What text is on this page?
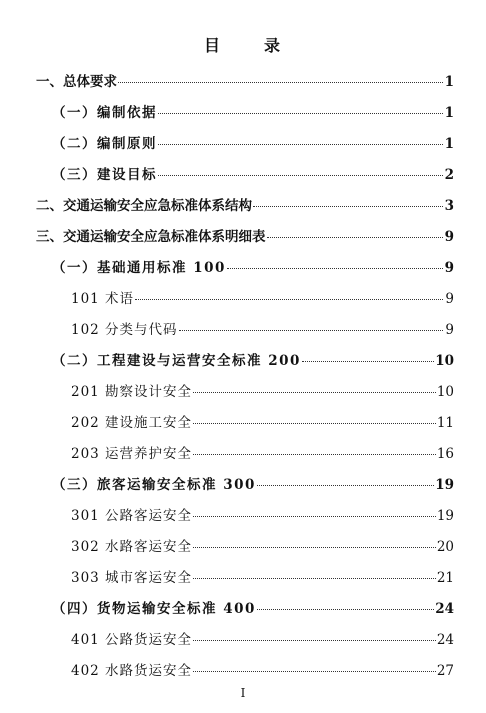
目　录
一、总体要求	1
（一）编制依据	1
（二）编制原则	1
（三）建设目标	2
二、交通运输安全应急标准体系结构	3
三、交通运输安全应急标准体系明细表	9
（一）基础通用标准 100	9
101 术语	9
102 分类与代码	9
（二）工程建设与运营安全标准 200	10
201 勘察设计安全	10
202 建设施工安全	11
203 运营养护安全	16
（三）旅客运输安全标准 300	19
301 公路客运安全	19
302 水路客运安全	20
303 城市客运安全	21
（四）货物运输安全标准 400	24
401 公路货运安全	24
402 水路货运安全	27
I
